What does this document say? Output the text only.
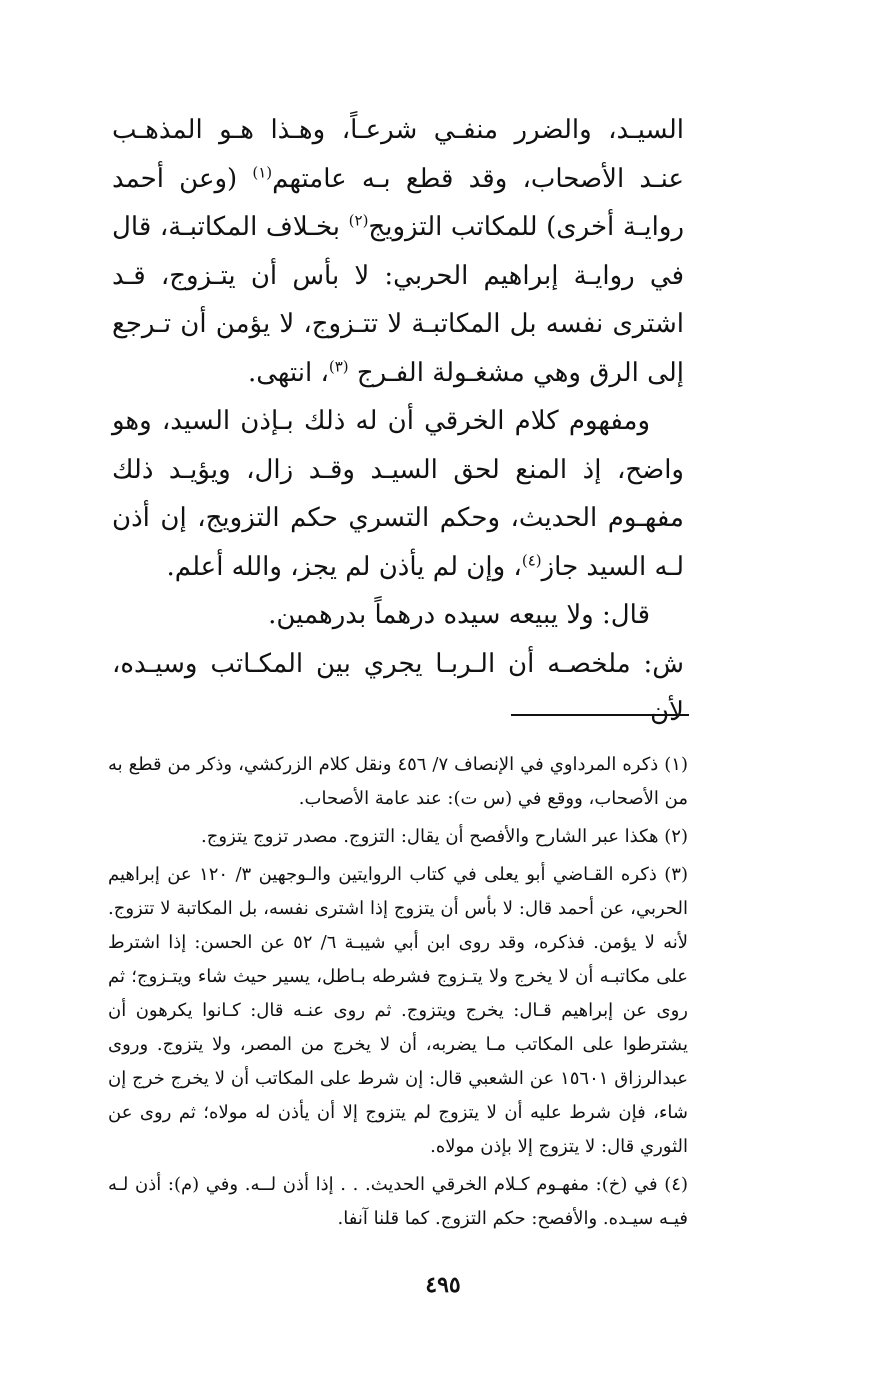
السيـد، والضرر منفـي شرعـاً، وهـذا هـو المذهـب عنـد الأصحاب، وقد قطع بـه عامتهم$^{(١)}$ (وعن أحمد روايـة أخرى) للمكاتب التزويج$^{(٢)}$ بخـلاف المكاتبـة، قال في روايـة إبراهيم الحربي: لا بأس أن يتـزوج، قـد اشترى نفسه بل المكاتبـة لا تتـزوج، لا يؤمن أن تـرجع إلى الرق وهي مشغـولة الفـرج $^{(٣)}$، انتهى.

ومفهوم كلام الخرقي أن له ذلك بـإذن السيد، وهو واضح، إذ المنع لحق السيـد وقـد زال، ويؤيـد ذلك مفهـوم الحديث، وحكم التسري حكم التزويج، إن أذن لـه السيد جاز$^{(٤)}$، وإن لم يأذن لم يجز، والله أعلم.

قال: ولا يبيعه سيده درهماً بدرهمين.

ش: ملخصـه أن الـربـا يجري بين المكـاتب وسيـده، لأن

(١) ذكره المرداوي في الإنصاف ٧/ ٤٥٦ ونقل كلام الزركشي، وذكر من قطع به من الأصحاب، ووقع في (س ت): عند عامة الأصحاب.

(٢) هكذا عبر الشارح والأفصح أن يقال: التزوج. مصدر تزوج يتزوج.

(٣) ذكره القـاضي أبو يعلى في كتاب الروايتين والـوجهين ٣/ ١٢٠ عن إبراهيم الحربي، عن أحمد قال: لا بأس أن يتزوج إذا اشترى نفسه، بل المكاتبة لا تتزوج. لأنه لا يؤمن. فذكره، وقد روى ابن أبي شيبـة ٦/ ٥٢ عن الحسن: إذا اشترط على مكاتبـه أن لا يخرج ولا يتـزوج فشرطه بـاطل، يسير حيث شاء ويتـزوج؛ ثم روى عن إبراهيم قـال: يخرج ويتزوج. ثم روى عنـه قال: كـانوا يكرهون أن يشترطوا على المكاتب مـا يضربه، أن لا يخرج من المصر، ولا يتزوج. وروى عبدالرزاق ١٥٦٠١ عن الشعبي قال: إن شرط على المكاتب أن لا يخرج خرج إن شاء، فإن شرط عليه أن لا يتزوج لم يتزوج إلا أن يأذن له مولاه؛ ثم روى عن الثوري قال: لا يتزوج إلا بإذن مولاه.

(٤) في (خ): مفهـوم كـلام الخرقي الحديث. . . إذا أذن لــه. وفي (م): أذن لـه فيـه سيـده. والأفصح: حكم التزوج. كما قلنا آنفا.

٤٩٥
